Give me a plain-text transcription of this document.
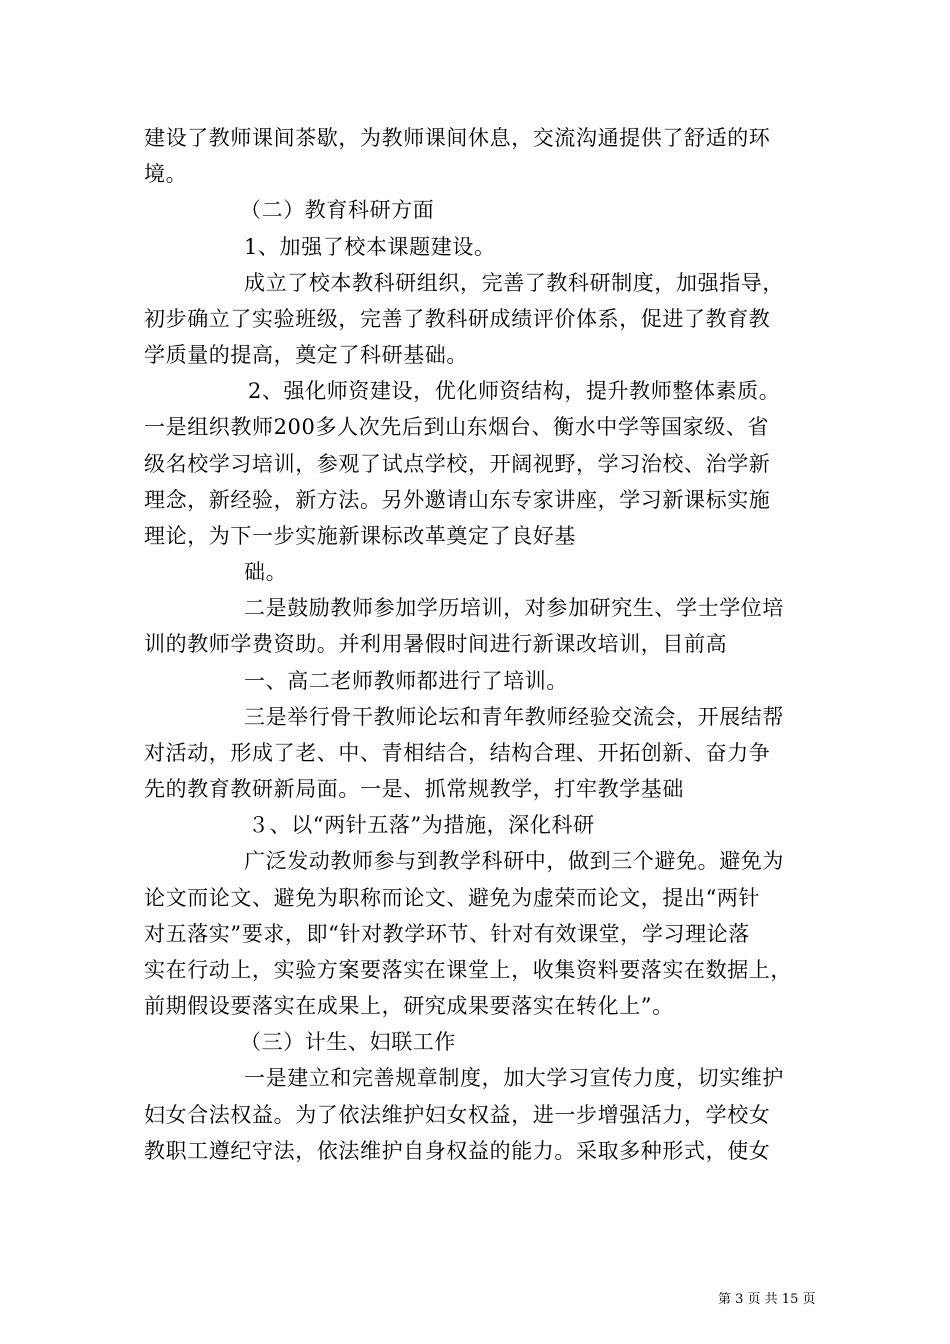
建设了教师课间茶歇，为教师课间休息，交流沟通提供了舒适的环
境。
（二）教育科研方面
1、加强了校本课题建设。
成立了校本教科研组织，完善了教科研制度，加强指导，
初步确立了实验班级，完善了教科研成绩评价体系，促进了教育教
学质量的提高，奠定了科研基础。
2、强化师资建设，优化师资结构，提升教师整体素质。
一是组织教师200多人次先后到山东烟台、衡水中学等国家级、省
级名校学习培训，参观了试点学校，开阔视野，学习治校、治学新
理念，新经验，新方法。另外邀请山东专家讲座，学习新课标实施
理论，为下一步实施新课标改革奠定了良好基
础。
二是鼓励教师参加学历培训，对参加研究生、学士学位培
训的教师学费资助。并利用暑假时间进行新课改培训，目前高
一、高二老师教师都进行了培训。
三是举行骨干教师论坛和青年教师经验交流会，开展结帮
对活动，形成了老、中、青相结合，结构合理、开拓创新、奋力争
先的教育教研新局面。一是、抓常规教学，打牢教学基础
３、以“两针五落”为措施，深化科研
广泛发动教师参与到教学科研中，做到三个避免。避免为
论文而论文、避免为职称而论文、避免为虚荣而论文，提出“两针
对五落实”要求，即“针对教学环节、针对有效课堂，学习理论落
实在行动上，实验方案要落实在课堂上，收集资料要落实在数据上，
前期假设要落实在成果上，研究成果要落实在转化上”。
（三）计生、妇联工作
一是建立和完善规章制度，加大学习宣传力度，切实维护
妇女合法权益。为了依法维护妇女权益，进一步增强活力，学校女
教职工遵纪守法，依法维护自身权益的能力。采取多种形式，使女
第 3 页 共 15 页
